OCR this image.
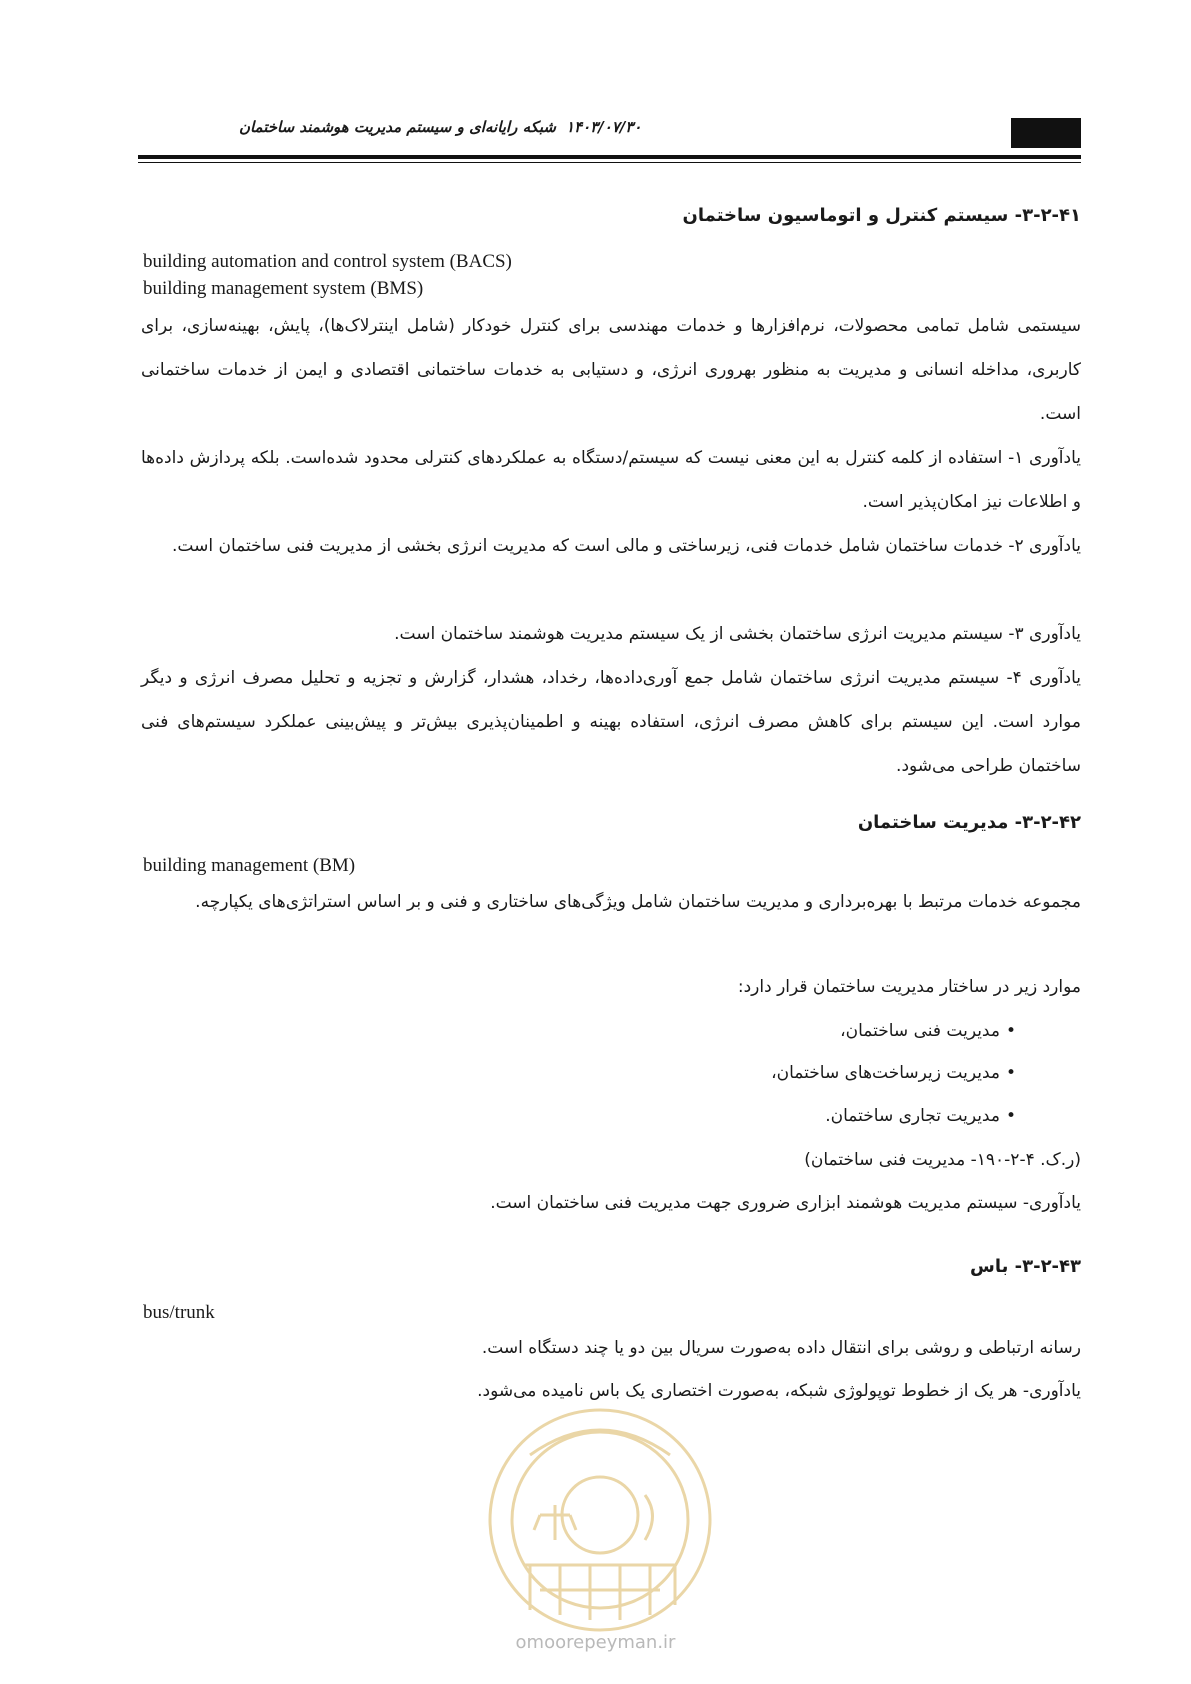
شبکه رایانه‌ای و سیستم مدیریت هوشمند ساختمان ۱۴۰۳/۰۷/۳۰
۳-۲-۴۱- سیستم کنترل و اتوماسیون ساختمان
building automation and control system (BACS)
building management system (BMS)
سیستمی شامل تمامی محصولات، نرم‌افزارها و خدمات مهندسی برای کنترل خودکار (شامل اینترلاک‌ها)، پایش، بهینه‌سازی، برای کاربری، مداخله انسانی و مدیریت به منظور بهروری انرژی، و دستیابی به خدمات ساختمانی اقتصادی و ایمن از خدمات ساختمانی است.
یادآوری ۱- استفاده از کلمه کنترل به این معنی نیست که سیستم/دستگاه به عملکردهای کنترلی محدود شده‌است. بلکه پردازش داده‌ها و اطلاعات نیز امکان‌پذیر است.
یادآوری ۲- خدمات ساختمان شامل خدمات فنی، زیرساختی و مالی است که مدیریت انرژی بخشی از مدیریت فنی ساختمان است.
یادآوری ۳- سیستم مدیریت انرژی ساختمان بخشی از یک سیستم مدیریت هوشمند ساختمان است.
یادآوری ۴- سیستم مدیریت انرژی ساختمان شامل جمع آوری‌داده‌ها، رخداد، هشدار، گزارش و تجزیه و تحلیل مصرف انرژی و دیگر موارد است. این سیستم برای کاهش مصرف انرژی، استفاده بهینه و اطمینان‌پذیری بیش‌تر و پیش‌بینی عملکرد سیستم‌های فنی ساختمان طراحی می‌شود.
۳-۲-۴۲- مدیریت ساختمان
building management (BM)
مجموعه خدمات مرتبط با بهره‌برداری و مدیریت ساختمان شامل ویژگی‌های ساختاری و فنی و بر اساس استراتژی‌های یکپارچه.
موارد زیر در ساختار مدیریت ساختمان قرار دارد:
•مدیریت فنی ساختمان،
•مدیریت زیرساخت‌های ساختمان،
•مدیریت تجاری ساختمان.
(ر.ک. ۴-۲-۱۹۰- مدیریت فنی ساختمان)
یادآوری- سیستم مدیریت هوشمند ابزاری ضروری جهت مدیریت فنی ساختمان است.
۳-۲-۴۳- باس
bus/trunk
رسانه ارتباطی و روشی برای انتقال داده به‌صورت سریال بین دو یا چند دستگاه است.
یادآوری- هر یک از خطوط توپولوژی شبکه، به‌صورت اختصاری یک باس نامیده می‌شود.
omoorepeyman.ir
